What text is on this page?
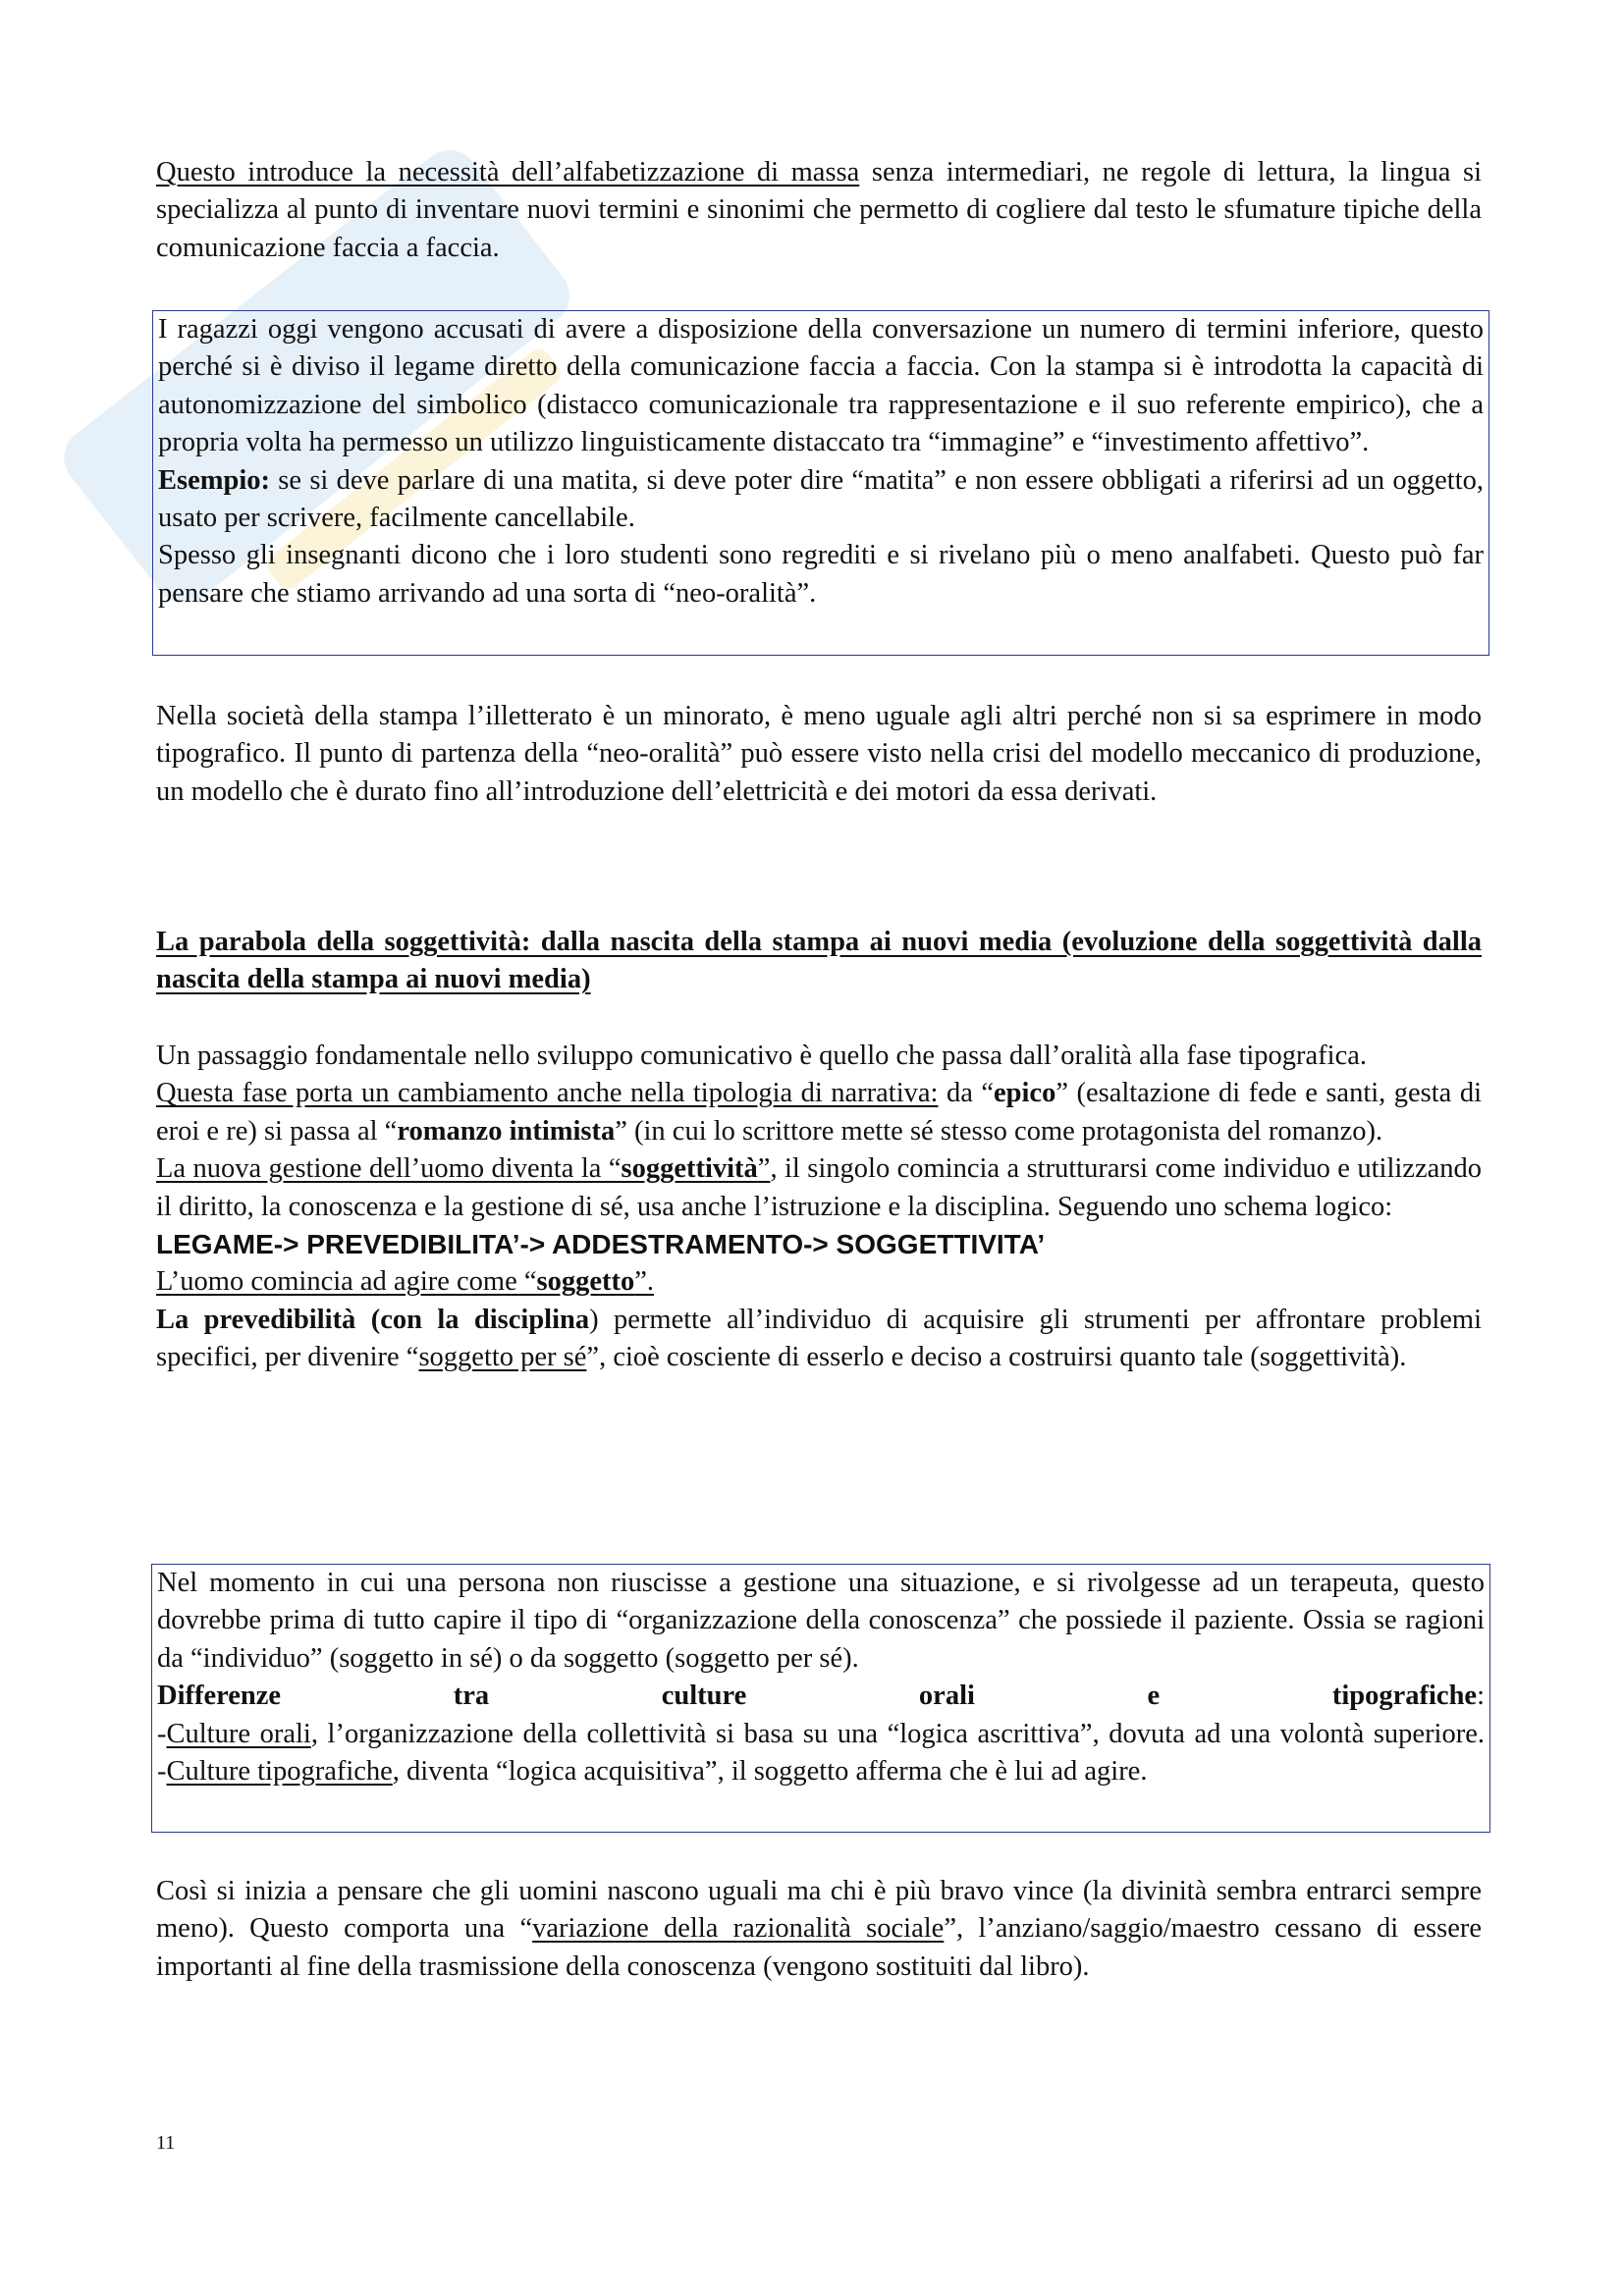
Questo introduce la necessità dell’alfabetizzazione di massa senza intermediari, ne regole di lettura, la lingua si specializza al punto di inventare nuovi termini e sinonimi che permetto di cogliere dal testo le sfumature tipiche della comunicazione faccia a faccia.

I ragazzi oggi vengono accusati di avere a disposizione della conversazione un numero di termini inferiore, questo perché si è diviso il legame diretto della comunicazione faccia a faccia. Con la stampa si è introdotta la capacità di autonomizzazione del simbolico (distacco comunicazionale tra rappresentazione e il suo referente empirico), che a propria volta ha permesso un utilizzo linguisticamente distaccato tra “immagine” e “investimento affettivo”.

Esempio: se si deve parlare di una matita, si deve poter dire “matita” e non essere obbligati a riferirsi ad un oggetto, usato per scrivere, facilmente cancellabile.

Spesso gli insegnanti dicono che i loro studenti sono regrediti e si rivelano più o meno analfabeti. Questo può far pensare che stiamo arrivando ad una sorta di “neo-oralità”.

Nella società della stampa l’illetterato è un minorato, è meno uguale agli altri perché non si sa esprimere in modo tipografico. Il punto di partenza della “neo-oralità” può essere visto nella crisi del modello meccanico di produzione, un modello che è durato fino all’introduzione dell’elettricità e dei motori da essa derivati.

La parabola della soggettività: dalla nascita della stampa ai nuovi media (evoluzione della soggettività dalla nascita della stampa ai nuovi media)

Un passaggio fondamentale nello sviluppo comunicativo è quello che passa dall’oralità alla fase tipografica.

Questa fase porta un cambiamento anche nella tipologia di narrativa: da “epico” (esaltazione di fede e santi, gesta di eroi e re) si passa al “romanzo intimista” (in cui lo scrittore mette sé stesso come protagonista del romanzo).

La nuova gestione dell’uomo diventa la “soggettività”, il singolo comincia a strutturarsi come individuo e utilizzando il diritto, la conoscenza e la gestione di sé, usa anche l’istruzione e la disciplina. Seguendo uno schema logico:

LEGAME-> PREVEDIBILITA’-> ADDESTRAMENTO-> SOGGETTIVITA’

L’uomo comincia ad agire come “soggetto”.

La prevedibilità (con la disciplina) permette all’individuo di acquisire gli strumenti per affrontare problemi specifici, per divenire “soggetto per sé”, cioè cosciente di esserlo e deciso a costruirsi quanto tale (soggettività).

Nel momento in cui una persona non riuscisse a gestione una situazione, e si rivolgesse ad un terapeuta, questo dovrebbe prima di tutto capire il tipo di “organizzazione della conoscenza” che possiede il paziente. Ossia se ragioni da “individuo” (soggetto in sé) o da soggetto (soggetto per sé).

Differenze tra culture orali e tipografiche:

-Culture orali, l’organizzazione della collettività si basa su una “logica ascrittiva”, dovuta ad una volontà superiore.

-Culture tipografiche, diventa “logica acquisitiva”, il soggetto afferma che è lui ad agire.

Così si inizia a pensare che gli uomini nascono uguali ma chi è più bravo vince (la divinità sembra entrarci sempre meno). Questo comporta una “variazione della razionalità sociale”, l’anziano/saggio/maestro cessano di essere importanti al fine della trasmissione della conoscenza (vengono sostituiti dal libro).

11
